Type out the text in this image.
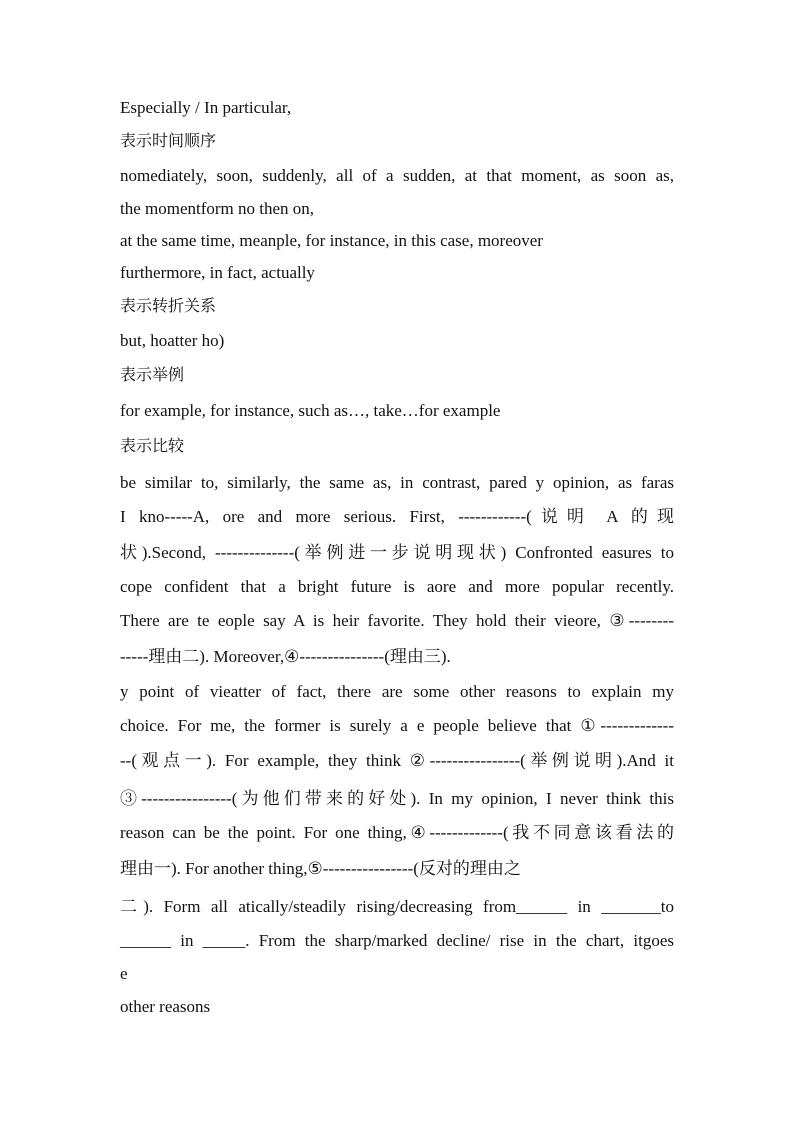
Especially / In particular,
表示时间顺序
nomediately, soon, suddenly, all of a sudden, at that moment, as soon as,
the momentform no then on,
at the same time, meanple, for instance, in this case, moreover
furthermore, in fact, actually
表示转折关系
but, hoatter ho)
表示举例
for example, for instance, such as…, take…for example
表示比较
be similar to, similarly, the same as, in contrast, pared y opinion, as faras
I kno-----A, ore and more serious. First, ------------(说明 A 的现
状).Second, --------------(举例进一步说明现状) Confronted easures to
cope confident that a bright future is aore and more popular recently.
There are te eople say A is heir favorite. They hold their vieore, ③--------
-----理由二). Moreover,④---------------(理由三).
y point of vieatter of fact, there are some other reasons to explain my
choice. For me, the former is surely a e people believe that ①-------------
--(观点一). For example, they think ②----------------(举例说明).And it
③----------------(为他们带来的好处). In my opinion, I never think this
reason can be the point. For one thing,④-------------(我不同意该看法的
理由一). For another thing,⑤----------------(反对的理由之
二). Form all atically/steadily rising/decreasing from______ in _______to
______ in _____. From the sharp/marked decline/ rise in the chart, itgoes
e
other reasons
